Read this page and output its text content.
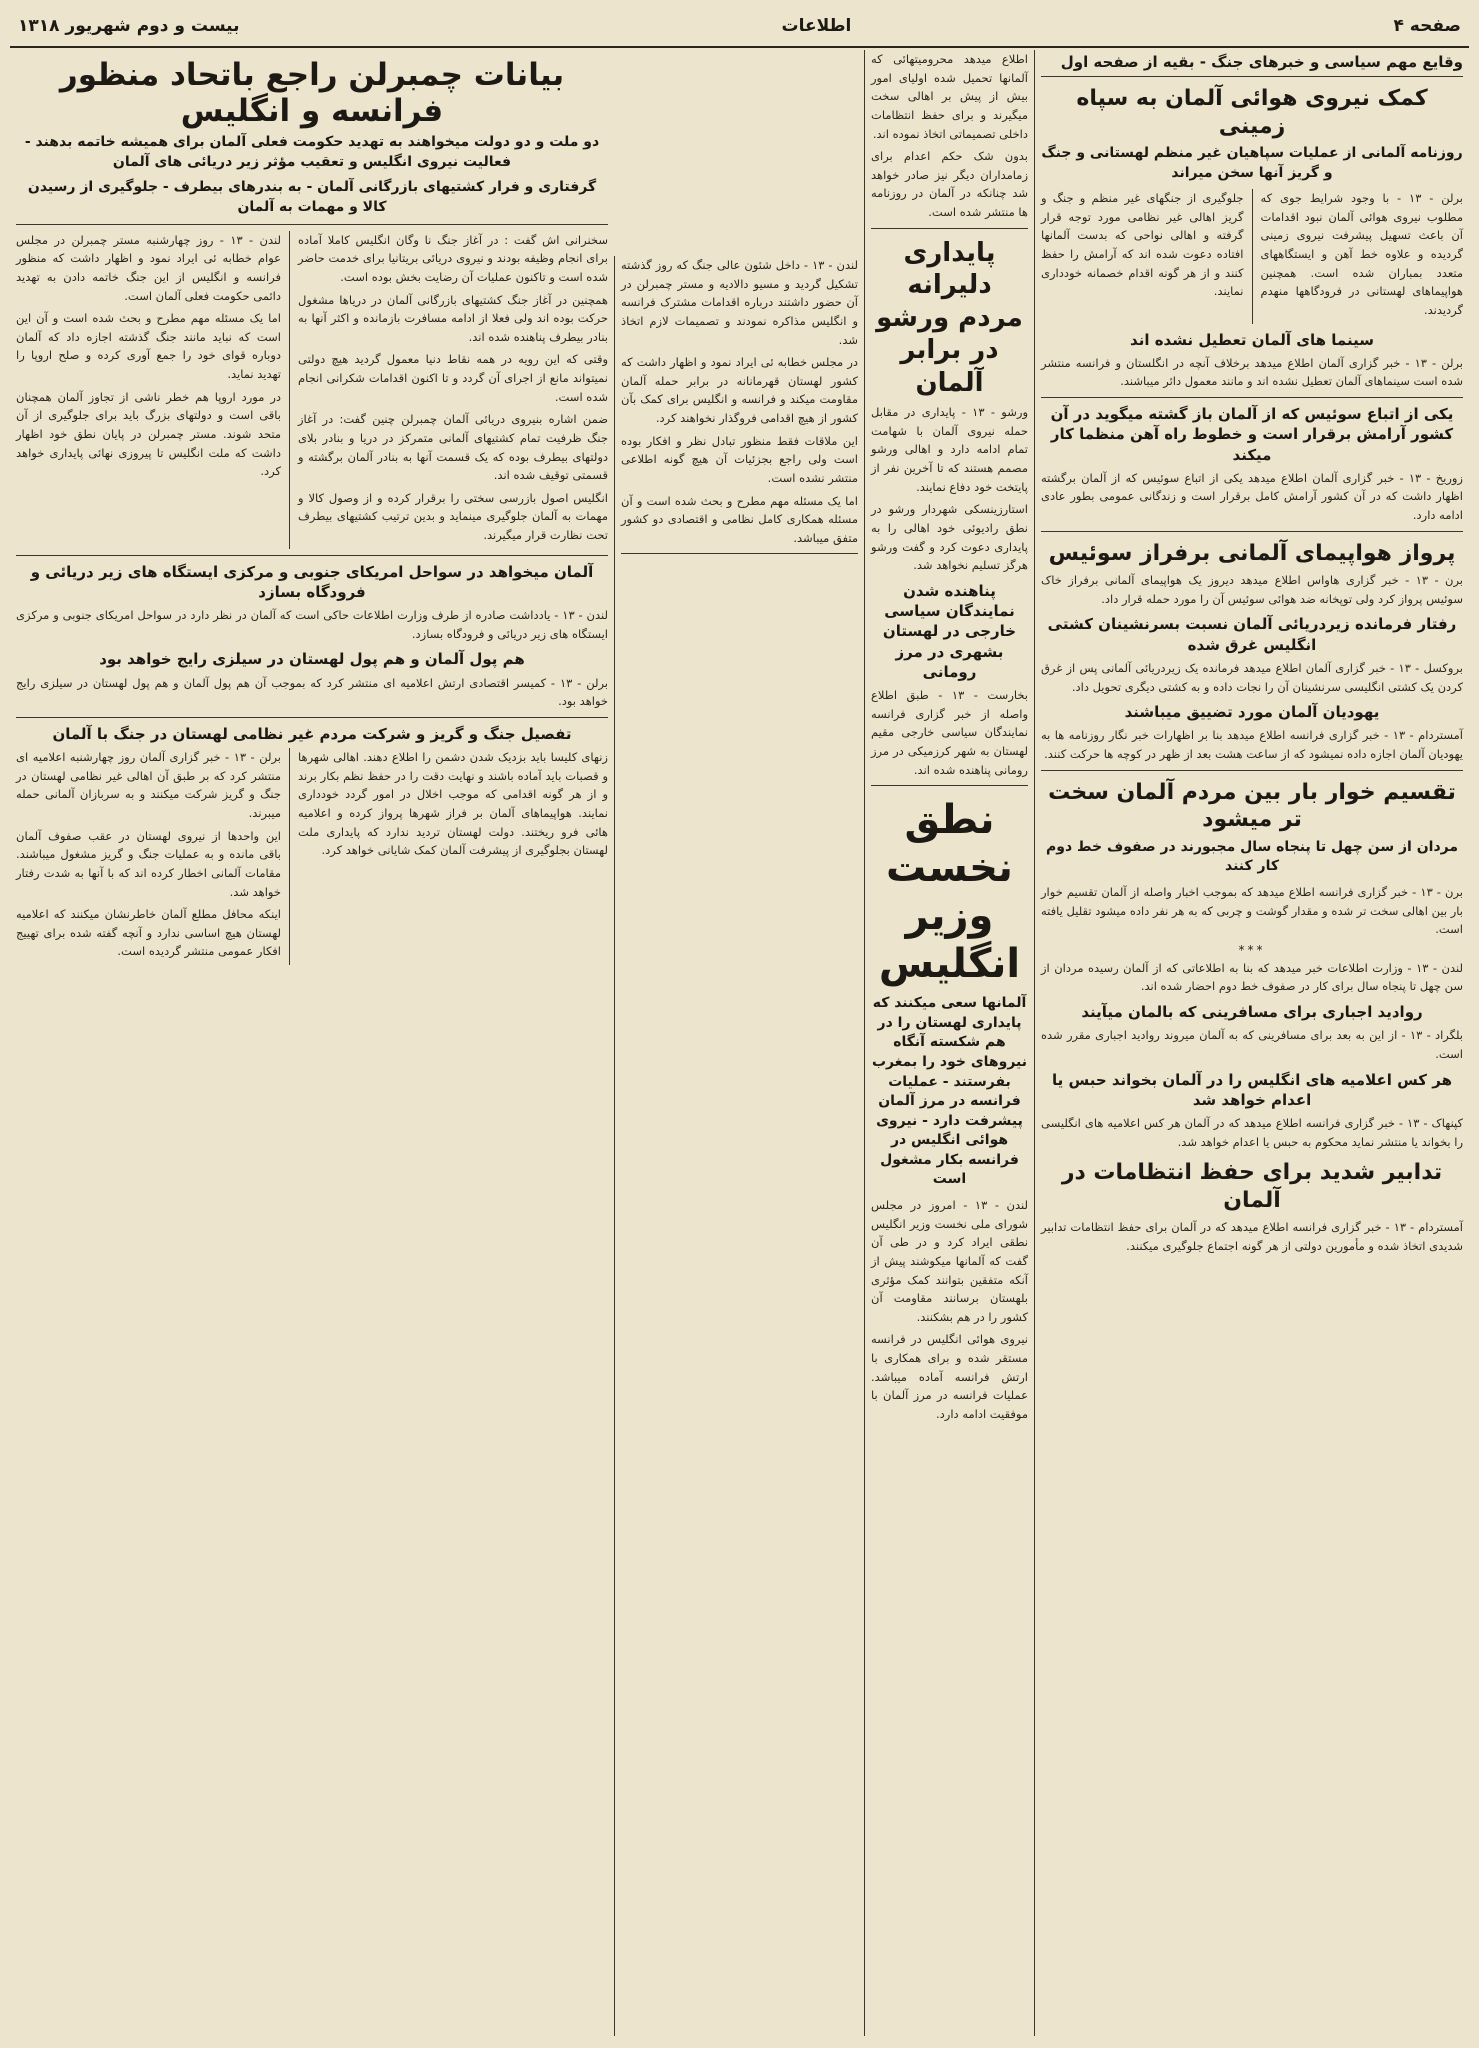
صفحه ۴
اطلاعات
بیست و دوم شهریور ۱۳۱۸
وقایع مهم سیاسی و خبرهای جنگ - بقیه از صفحه اول
کمک نیروی هوائی آلمان به سپاه زمینی
روزنامه آلمانی از عملیات سپاهیان غیر منظم لهستانی و جنگ و گریز آنها سخن میراند

برلن - ۱۳ - با وجود شرایط جوی که مطلوب نیروی هوائی آلمان نبود اقدامات آن باعث تسهیل پیشرفت نیروی زمینی گردیده و علاوه خط آهن و ایستگاههای متعدد بمباران شده است. همچنین هواپیماهای لهستانی در فرودگاهها منهدم گردیدند.

جلوگیری از جنگهای غیر منظم و جنگ و گریز اهالی غیر نظامی مورد توجه قرار گرفته و اهالی نواحی که بدست آلمانها افتاده دعوت شده اند که آرامش را حفظ کنند و از هر گونه اقدام خصمانه خودداری نمایند.

سینما های آلمان تعطیل نشده اند

برلن - ۱۳ - خبر گزاری آلمان اطلاع میدهد برخلاف آنچه در انگلستان و فرانسه منتشر شده است سینماهای آلمان تعطیل نشده اند و مانند معمول دائر میباشند.

یکی از اتباع سوئیس که از آلمان باز گشته میگوید در آن کشور آرامش برقرار است و خطوط راه آهن منظما کار میکند

زوریخ - ۱۳ - خبر گزاری آلمان اطلاع میدهد یکی از اتباع سوئیس که از آلمان برگشته اظهار داشت که در آن کشور آرامش کامل برقرار است و زندگانی عمومی بطور عادی ادامه دارد.

پرواز هواپیمای آلمانی برفراز سوئیس

برن - ۱۳ - خبر گزاری هاواس اطلاع میدهد دیروز یک هواپیمای آلمانی برفراز خاک سوئیس پرواز کرد ولی توپخانه ضد هوائی سوئیس آن را مورد حمله قرار داد.

رفتار فرمانده زیردریائی آلمان نسبت بسرنشینان کشتی انگلیس غرق شده

بروکسل - ۱۳ - خبر گزاری آلمان اطلاع میدهد فرمانده یک زیردریائی آلمانی پس از غرق کردن یک کشتی انگلیسی سرنشینان آن را نجات داده و به کشتی دیگری تحویل داد.

یهودیان آلمان مورد تضییق میباشند

آمستردام - ۱۳ - خبر گزاری فرانسه اطلاع میدهد بنا بر اظهارات خبر نگار روزنامه ها به یهودیان آلمان اجازه داده نمیشود که از ساعت هشت بعد از ظهر در کوچه ها حرکت کنند.

تقسیم خوار بار بین مردم آلمان سخت تر میشود
مردان از سن چهل تا پنجاه سال مجبورند در صفوف خط دوم کار کنند

برن - ۱۳ - خبر گزاری فرانسه اطلاع میدهد که بموجب اخبار واصله از آلمان تقسیم خوار بار بین اهالی سخت تر شده و مقدار گوشت و چربی که به هر نفر داده میشود تقلیل یافته است.

***

لندن - ۱۳ - وزارت اطلاعات خبر میدهد که بنا به اطلاعاتی که از آلمان رسیده مردان از سن چهل تا پنجاه سال برای کار در صفوف خط دوم احضار شده اند.

روادید اجباری برای مسافرینی که بالمان میآیند

بلگراد - ۱۳ - از این به بعد برای مسافرینی که به آلمان میروند روادید اجباری مقرر شده است.

هر کس اعلامیه های انگلیس را در آلمان بخواند حبس یا اعدام خواهد شد

کپنهاک - ۱۳ - خبر گزاری فرانسه اطلاع میدهد که در آلمان هر کس اعلامیه های انگلیسی را بخواند یا منتشر نماید محکوم به حبس یا اعدام خواهد شد.

تدابیر شدید برای حفظ انتظامات در آلمان

آمستردام - ۱۳ - خبر گزاری فرانسه اطلاع میدهد که در آلمان برای حفظ انتظامات تدابیر شدیدی اتخاذ شده و مأمورین دولتی از هر گونه اجتماع جلوگیری میکنند.

اطلاع میدهد محرومیتهائی که آلمانها تحمیل شده اولیای امور بیش از پیش بر اهالی سخت میگیرند و برای حفظ انتظامات داخلی تصمیماتی اتخاذ نموده اند.

بدون شک حکم اعدام برای زمامداران دیگر نیز صادر خواهد شد چنانکه در آلمان در روزنامه ها منتشر شده است.

پایداری دلیرانه مردم ورشو در برابر آلمان

ورشو - ۱۳ - پایداری در مقابل حمله نیروی آلمان با شهامت تمام ادامه دارد و اهالی ورشو مصمم هستند که تا آخرین نفر از پایتخت خود دفاع نمایند.

استارزینسکی شهردار ورشو در نطق رادیوئی خود اهالی را به پایداری دعوت کرد و گفت ورشو هرگز تسلیم نخواهد شد.

پناهنده شدن نمایندگان سیاسی خارجی در لهستان بشهری در مرز رومانی

بخارست - ۱۳ - طبق اطلاع واصله از خبر گزاری فرانسه نمایندگان سیاسی خارجی مقیم لهستان به شهر کرزمیکی در مرز رومانی پناهنده شده اند.

نطق نخست وزیر انگلیس
آلمانها سعی میکنند که پایداری لهستان را در هم شکسته آنگاه نیروهای خود را بمغرب بفرستند - عملیات فرانسه در مرز آلمان پیشرفت دارد - نیروی هوائی انگلیس در فرانسه بکار مشغول است

لندن - ۱۳ - امروز در مجلس شورای ملی نخست وزیر انگلیس نطقی ایراد کرد و در طی آن گفت که آلمانها میکوشند پیش از آنکه متفقین بتوانند کمک مؤثری بلهستان برسانند مقاومت آن کشور را در هم بشکنند.

نیروی هوائی انگلیس در فرانسه مستقر شده و برای همکاری با ارتش فرانسه آماده میباشد. عملیات فرانسه در مرز آلمان با موفقیت ادامه دارد.

لندن - ۱۳ - داخل شئون عالی جنگ که روز گذشته تشکیل گردید و مسیو دالادیه و مستر چمبرلن در آن حضور داشتند درباره اقدامات مشترک فرانسه و انگلیس مذاکره نمودند و تصمیمات لازم اتخاذ شد.

در مجلس خطابه ئی ایراد نمود و اظهار داشت که کشور لهستان قهرمانانه در برابر حمله آلمان مقاومت میکند و فرانسه و انگلیس برای کمک بآن کشور از هیچ اقدامی فروگذار نخواهند کرد.

این ملاقات فقط منظور تبادل نظر و افکار بوده است ولی راجع بجزئیات آن هیچ گونه اطلاعی منتشر نشده است.

اما یک مسئله مهم مطرح و بحث شده است و آن مسئله همکاری کامل نظامی و اقتصادی دو کشور متفق میباشد.

بیانات چمبرلن راجع باتحاد منظور فرانسه و انگلیس
دو ملت و دو دولت میخواهند به تهدید حکومت فعلی آلمان برای همیشه خاتمه بدهند - فعالیت نیروی انگلیس و تعقیب مؤثر زیر دریائی های آلمان
گرفتاری و فرار کشتیهای بازرگانی آلمان - به بندرهای بیطرف - جلوگیری از رسیدن کالا و مهمات به آلمان

سخنرانی اش گفت : در آغاز جنگ نا وگان انگلیس کاملا آماده برای انجام وظیفه بودند و نیروی دریائی بریتانیا برای خدمت حاضر شده است و تاکنون عملیات آن رضایت بخش بوده است.

همچنین در آغاز جنگ کشتیهای بازرگانی آلمان در دریاها مشغول حرکت بوده اند ولی فعلا از ادامه مسافرت بازمانده و اکثر آنها به بنادر بیطرف پناهنده شده اند.

وقتی که این رویه در همه نقاط دنیا معمول گردید هیچ دولتی نمیتواند مانع از اجرای آن گردد و تا اکنون اقدامات شکرانی انجام شده است.

ضمن اشاره بنیروی دریائی آلمان چمبرلن چنین گفت: در آغاز جنگ ظرفیت تمام کشتیهای آلمانی متمرکز در دریا و بنادر بلای دولتهای بیطرف بوده که یک قسمت آنها به بنادر آلمان برگشته و قسمتی توقیف شده اند.

انگلیس اصول بازرسی سختی را برقرار کرده و از وصول کالا و مهمات به آلمان جلوگیری مینماید و بدین ترتیب کشتیهای بیطرف تحت نظارت قرار میگیرند.

لندن - ۱۳ - روز چهارشنبه مستر چمبرلن در مجلس عوام خطابه ئی ایراد نمود و اظهار داشت که منظور فرانسه و انگلیس از این جنگ خاتمه دادن به تهدید دائمی حکومت فعلی آلمان است.

اما یک مسئله مهم مطرح و بحث شده است و آن این است که نباید مانند جنگ گذشته اجازه داد که آلمان دوباره قوای خود را جمع آوری کرده و صلح اروپا را تهدید نماید.

در مورد اروپا هم خطر ناشی از تجاوز آلمان همچنان باقی است و دولتهای بزرگ باید برای جلوگیری از آن متحد شوند. مستر چمبرلن در پایان نطق خود اظهار داشت که ملت انگلیس تا پیروزی نهائی پایداری خواهد کرد.

آلمان میخواهد در سواحل امریکای جنوبی و مرکزی ایستگاه های زیر دریائی و فرودگاه بسازد

لندن - ۱۳ - یادداشت صادره از طرف وزارت اطلاعات حاکی است که آلمان در نظر دارد در سواحل امریکای جنوبی و مرکزی ایستگاه های زیر دریائی و فرودگاه بسازد.

هم پول آلمان و هم پول لهستان در سیلزی رایج خواهد بود

برلن - ۱۳ - کمیسر اقتصادی ارتش اعلامیه ای منتشر کرد که بموجب آن هم پول آلمان و هم پول لهستان در سیلزی رایج خواهد بود.

تفصیل جنگ و گریز و شرکت مردم غیر نظامی لهستان در جنگ با آلمان

زنهای کلیسا باید بزدیک شدن دشمن را اطلاع دهند. اهالی شهرها و قصبات باید آماده باشند و نهایت دقت را در حفظ نظم بکار برند و از هر گونه اقدامی که موجب اخلال در امور گردد خودداری نمایند. هواپیماهای آلمان بر فراز شهرها پرواز کرده و اعلامیه هائی فرو ریختند. دولت لهستان تردید ندارد که پایداری ملت لهستان بجلوگیری از پیشرفت آلمان کمک شایانی خواهد کرد.

برلن - ۱۳ - خبر گزاری آلمان روز چهارشنبه اعلامیه ای منتشر کرد که بر طبق آن اهالی غیر نظامی لهستان در جنگ و گریز شرکت میکنند و به سربازان آلمانی حمله میبرند.

این واحدها از نیروی لهستان در عقب صفوف آلمان باقی مانده و به عملیات جنگ و گریز مشغول میباشند. مقامات آلمانی اخطار کرده اند که با آنها به شدت رفتار خواهد شد.

اینکه محافل مطلع آلمان خاطرنشان میکنند که اعلامیه لهستان هیچ اساسی ندارد و آنچه گفته شده برای تهییج افکار عمومی منتشر گردیده است.
